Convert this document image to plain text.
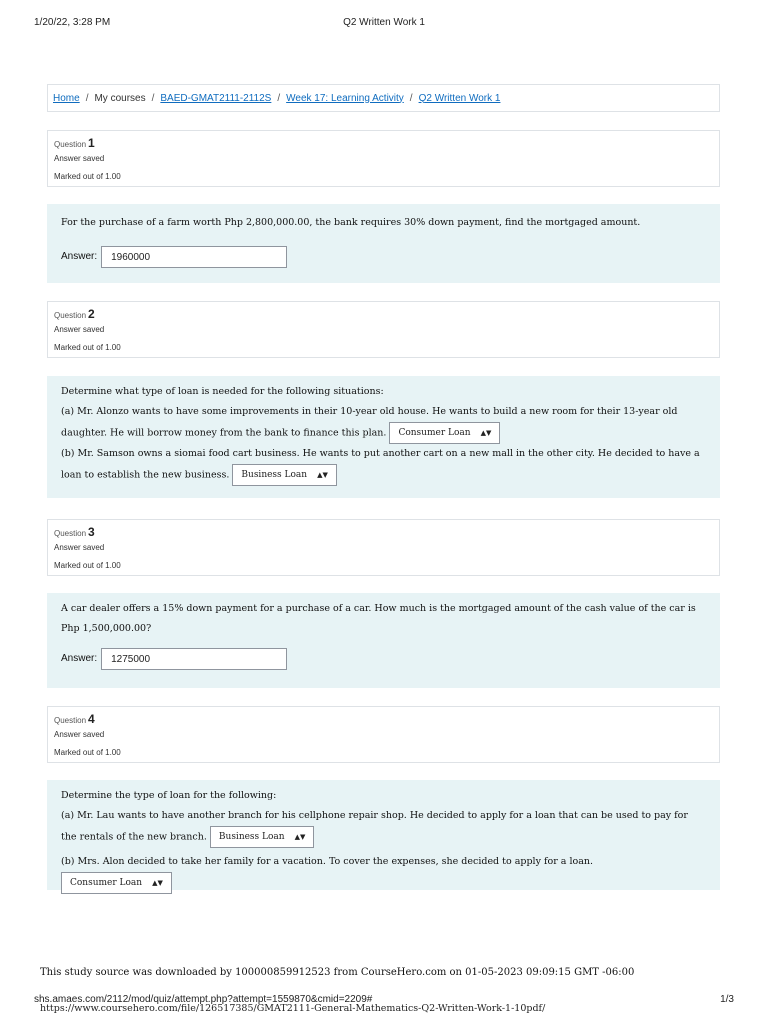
1/20/22, 3:28 PM	Q2 Written Work 1
Home / My courses / BAED-GMAT2111-2112S / Week 17: Learning Activity / Q2 Written Work 1
Question 1
Answer saved
Marked out of 1.00

For the purchase of a farm worth Php 2,800,000.00, the bank requires 30% down payment, find the mortgaged amount.

Answer:
1960000
Question 2
Answer saved
Marked out of 1.00

Determine what type of loan is needed for the following situations:

(a) Mr. Alonzo wants to have some improvements in their 10-year old house. He wants to build a new room for their 13-year old daughter. He will borrow money from the bank to finance this plan. Consumer Loan ▲▼

(b) Mr. Samson owns a siomai food cart business. He wants to put another cart on a new mall in the other city. He decided to have a loan to establish the new business. Business Loan ▲▼

Question 3
Answer saved
Marked out of 1.00

A car dealer offers a 15% down payment for a purchase of a car. How much is the mortgaged amount of the cash value of the car is Php 1,500,000.00?

Answer:
1275000
Question 4
Answer saved
Marked out of 1.00

Determine the type of loan for the following:

(a) Mr. Lau wants to have another branch for his cellphone repair shop. He decided to apply for a loan that can be used to pay for the rentals of the new branch. Business Loan ▲▼

(b) Mrs. Alon decided to take her family for a vacation. To cover the expenses, she decided to apply for a loan.
Consumer Loan ▲▼

This study source was downloaded by 100000859912523 from CourseHero.com on 01-05-2023 09:09:15 GMT -06:00
shs.amaes.com/2112/mod/quiz/attempt.php?attempt=1559870&cmid=2209#
https://www.coursehero.com/file/126517385/GMAT2111-General-Mathematics-Q2-Written-Work-1-10pdf/
1/3
